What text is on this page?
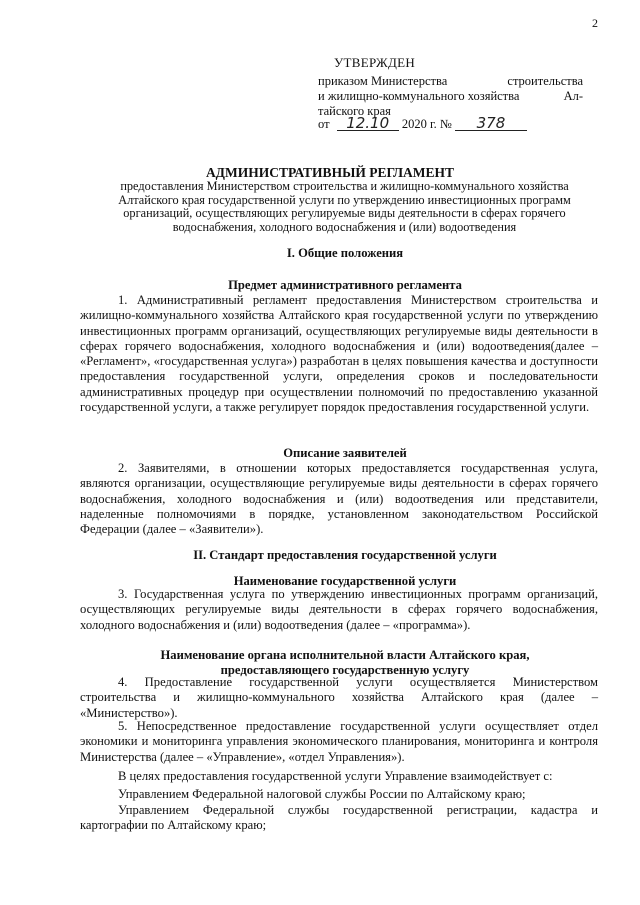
2
УТВЕРЖДЕН
приказом Министерства	строительства
и жилищно-коммунального хозяйства	Ал-
тайского края
от 12.10 2020 г. № 378
АДМИНИСТРАТИВНЫЙ РЕГЛАМЕНТ
предоставления Министерством строительства и жилищно-коммунального хозяйства Алтайского края государственной услуги по утверждению инвестиционных программ организаций, осуществляющих регулируемые виды деятельности в сферах горячего водоснабжения, холодного водоснабжения и (или) водоотведения
I. Общие положения
Предмет административного регламента

1. Административный регламент предоставления Министерством строительства и жилищно-коммунального хозяйства Алтайского края государственной услуги по утверждению инвестиционных программ организаций, осуществляющих регулируемые виды деятельности в сферах горячего водоснабжения, холодного водоснабжения и (или) водоотведения(далее – «Регламент», «государственная услуга») разработан в целях повышения качества и доступности предоставления государственной услуги, определения сроков и последовательности административных процедур при осуществлении полномочий по предоставлению указанной государственной услуги, а также регулирует порядок предоставления государственной услуги.

Описание заявителей

2. Заявителями, в отношении которых предоставляется государственная услуга, являются организации, осуществляющие регулируемые виды деятельности в сферах горячего водоснабжения, холодного водоснабжения и (или) водоотведения или представители, наделенные полномочиями в порядке, установленном законодательством Российской Федерации (далее – «Заявители»).

II. Стандарт предоставления государственной услуги
Наименование государственной услуги

3. Государственная услуга по утверждению инвестиционных программ организаций, осуществляющих регулируемые виды деятельности в сферах горячего водоснабжения, холодного водоснабжения и (или) водоотведения (далее – «программа»).

Наименование органа исполнительной власти Алтайского края,
предоставляющего государственную услугу

4. Предоставление государственной услуги осуществляется Министерством строительства и жилищно-коммунального хозяйства Алтайского края (далее – «Министерство»).

5. Непосредственное предоставление государственной услуги осуществляет отдел экономики и мониторинга управления экономического планирования, мониторинга и контроля Министерства (далее – «Управление», «отдел Управления»).

В целях предоставления государственной услуги Управление взаимодействует с:

Управлением Федеральной налоговой службы России по Алтайскому краю;

Управлением Федеральной службы государственной регистрации, кадастра и картографии по Алтайскому краю;
